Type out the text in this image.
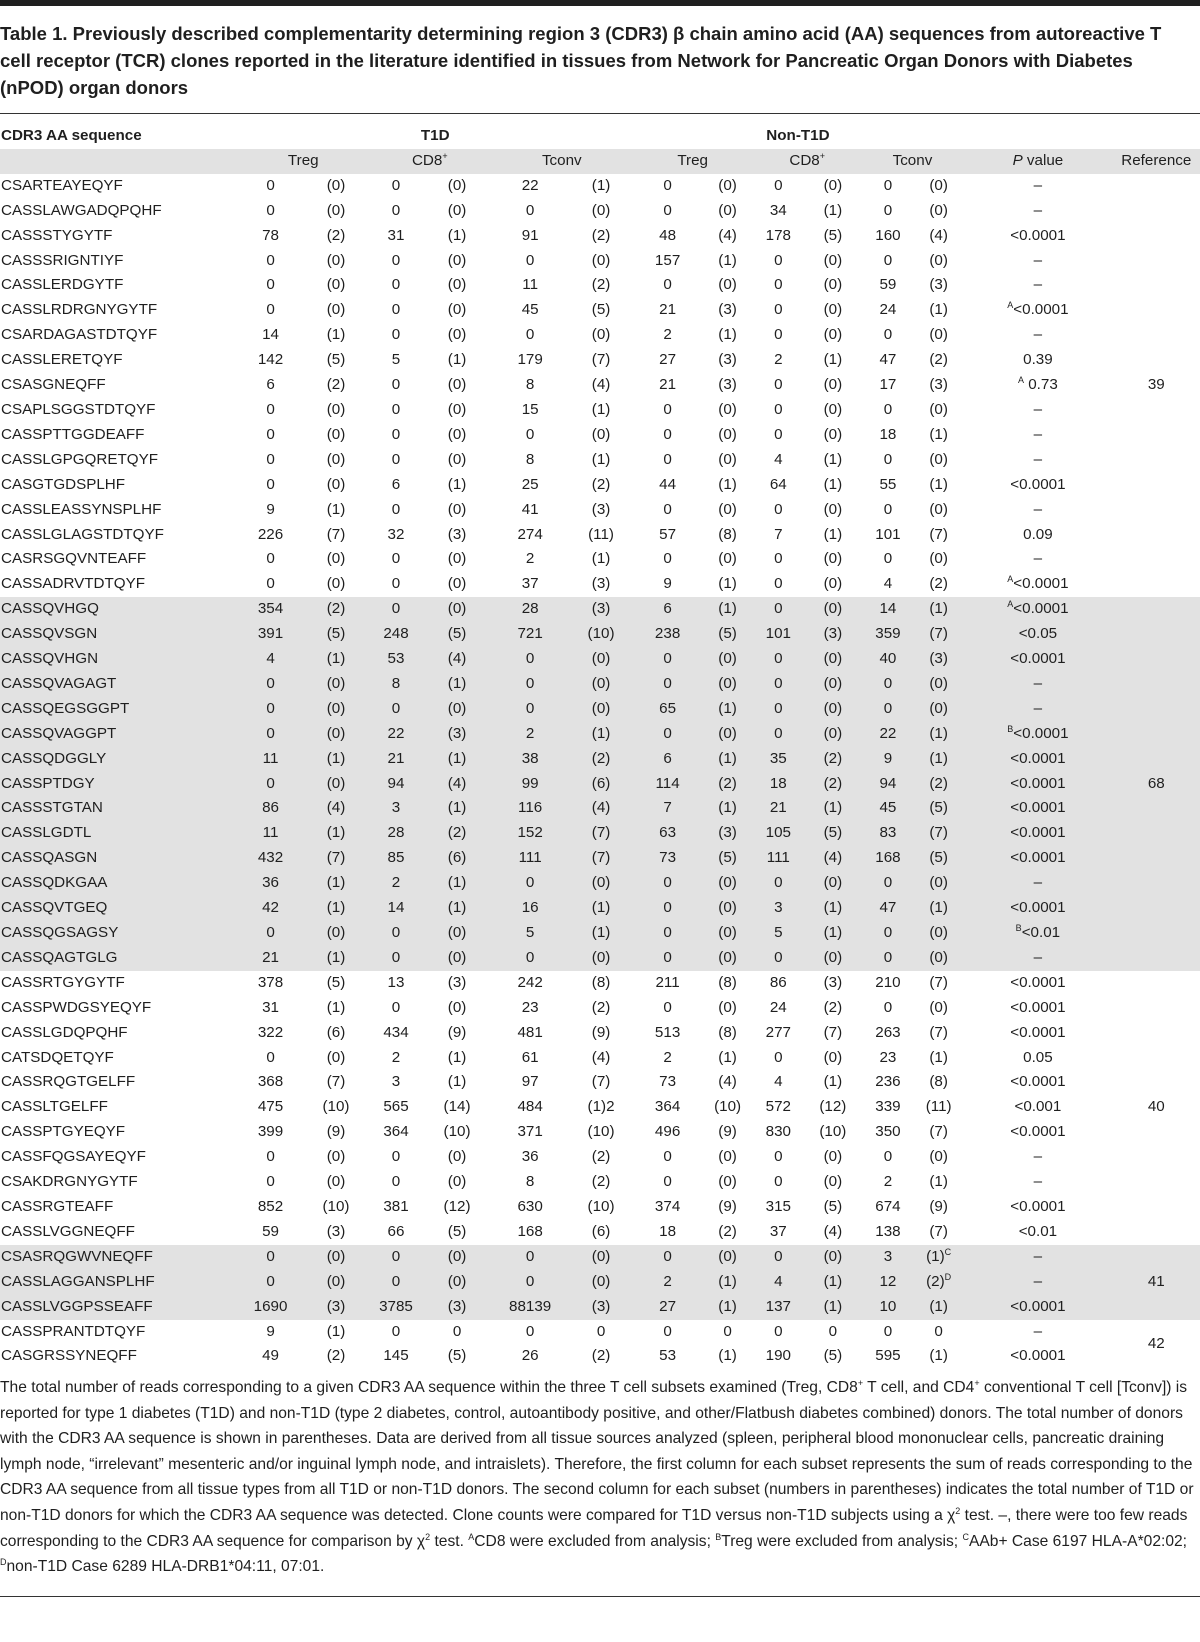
Table 1. Previously described complementarity determining region 3 (CDR3) β chain amino acid (AA) sequences from autoreactive T cell receptor (TCR) clones reported in the literature identified in tissues from Network for Pancreatic Organ Donors with Diabetes (nPOD) organ donors
CDR3 AA sequence	T1D						Non-T1D							
	Treg		CD8+		Tconv		Treg		CD8+		Tconv		P value	Reference
CSARTEAYEQYF	0	(0)	0	(0)	22	(1)	0	(0)	0	(0)	0	(0)	–	39
CASSLAWGADQPQHF	0	(0)	0	(0)	0	(0)	0	(0)	34	(1)	0	(0)	–	
CASSSTYGYTF	78	(2)	31	(1)	91	(2)	48	(4)	178	(5)	160	(4)	<0.0001	
CASSSRIGNTIYF	0	(0)	0	(0)	0	(0)	157	(1)	0	(0)	0	(0)	–	
CASSLERDGYTF	0	(0)	0	(0)	11	(2)	0	(0)	0	(0)	59	(3)	–	
CASSLRDRGNYGYTF	0	(0)	0	(0)	45	(5)	21	(3)	0	(0)	24	(1)	$^A$<0.0001	
CSARDAGASTDTQYF	14	(1)	0	(0)	0	(0)	2	(1)	0	(0)	0	(0)	–	
CASSLERETQYF	142	(5)	5	(1)	179	(7)	27	(3)	2	(1)	47	(2)	0.39	
CSASGNEQFF	6	(2)	0	(0)	8	(4)	21	(3)	0	(0)	17	(3)	$^A$ 0.73	
CSAPLSGGSTDTQYF	0	(0)	0	(0)	15	(1)	0	(0)	0	(0)	0	(0)	–	
CASSPTTGGDEAFF	0	(0)	0	(0)	0	(0)	0	(0)	0	(0)	18	(1)	–	
CASSLGPGQRETQYF	0	(0)	0	(0)	8	(1)	0	(0)	4	(1)	0	(0)	–	
CASGTGDSPLHF	0	(0)	6	(1)	25	(2)	44	(1)	64	(1)	55	(1)	<0.0001	
CASSLEASSYNSPLHF	9	(1)	0	(0)	41	(3)	0	(0)	0	(0)	0	(0)	–	
CASSLGLAGSTDTQYF	226	(7)	32	(3)	274	(11)	57	(8)	7	(1)	101	(7)	0.09	
CASRSGQVNTEAFF	0	(0)	0	(0)	2	(1)	0	(0)	0	(0)	0	(0)	–	
CASSADRVTDTQYF	0	(0)	0	(0)	37	(3)	9	(1)	0	(0)	4	(2)	$^A$<0.0001	
CASSQVHGQ	354	(2)	0	(0)	28	(3)	6	(1)	0	(0)	14	(1)	$^A$<0.0001	68
CASSQVSGN	391	(5)	248	(5)	721	(10)	238	(5)	101	(3)	359	(7)	<0.05	
CASSQVHGN	4	(1)	53	(4)	0	(0)	0	(0)	0	(0)	40	(3)	<0.0001	
CASSQVAGAGT	0	(0)	8	(1)	0	(0)	0	(0)	0	(0)	0	(0)	–	
CASSQEGSGGPT	0	(0)	0	(0)	0	(0)	65	(1)	0	(0)	0	(0)	–	
CASSQVAGGPT	0	(0)	22	(3)	2	(1)	0	(0)	0	(0)	22	(1)	$^B$<0.0001	
CASSQDGGLY	11	(1)	21	(1)	38	(2)	6	(1)	35	(2)	9	(1)	<0.0001	
CASSPTDGY	0	(0)	94	(4)	99	(6)	114	(2)	18	(2)	94	(2)	<0.0001	
CASSSTGTAN	86	(4)	3	(1)	116	(4)	7	(1)	21	(1)	45	(5)	<0.0001	
CASSLGDTL	11	(1)	28	(2)	152	(7)	63	(3)	105	(5)	83	(7)	<0.0001	
CASSQASGN	432	(7)	85	(6)	111	(7)	73	(5)	111	(4)	168	(5)	<0.0001	
CASSQDKGAA	36	(1)	2	(1)	0	(0)	0	(0)	0	(0)	0	(0)	–	
CASSQVTGEQ	42	(1)	14	(1)	16	(1)	0	(0)	3	(1)	47	(1)	<0.0001	
CASSQGSAGSY	0	(0)	0	(0)	5	(1)	0	(0)	5	(1)	0	(0)	$^B$<0.01	
CASSQAGTGLG	21	(1)	0	(0)	0	(0)	0	(0)	0	(0)	0	(0)	–	
CASSRTGYGYTF	378	(5)	13	(3)	242	(8)	211	(8)	86	(3)	210	(7)	<0.0001	40
CASSPWDGSYEQYF	31	(1)	0	(0)	23	(2)	0	(0)	24	(2)	0	(0)	<0.0001	
CASSLGDQPQHF	322	(6)	434	(9)	481	(9)	513	(8)	277	(7)	263	(7)	<0.0001	
CATSDQETQYF	0	(0)	2	(1)	61	(4)	2	(1)	0	(0)	23	(1)	0.05	
CASSRQGTGELFF	368	(7)	3	(1)	97	(7)	73	(4)	4	(1)	236	(8)	<0.0001	
CASSLTGELFF	475	(10)	565	(14)	484	(1)2	364	(10)	572	(12)	339	(11)	<0.001	
CASSPTGYEQYF	399	(9)	364	(10)	371	(10)	496	(9)	830	(10)	350	(7)	<0.0001	
CASSFQGSAYEQYF	0	(0)	0	(0)	36	(2)	0	(0)	0	(0)	0	(0)	–	
CSAKDRGNYGYTF	0	(0)	0	(0)	8	(2)	0	(0)	0	(0)	2	(1)	–	
CASSRGTEAFF	852	(10)	381	(12)	630	(10)	374	(9)	315	(5)	674	(9)	<0.0001	
CASSLVGGNEQFF	59	(3)	66	(5)	168	(6)	18	(2)	37	(4)	138	(7)	<0.01	
CSASRQGWVNEQFF	0	(0)	0	(0)	0	(0)	0	(0)	0	(0)	3	$(1)^C$	–	41
CASSLAGGANSPLHF	0	(0)	0	(0)	0	(0)	2	(1)	4	(1)	12	$(2)^D$	–	
CASSLVGGPSSEAFF	1690	(3)	3785	(3)	88139	(3)	27	(1)	137	(1)	10	(1)	<0.0001	
CASSPRANTDTQYF	9	(1)	0	0	0	0	0	0	0	0	0	0	–	42
CASGRSSYNEQFF	49	(2)	145	(5)	26	(2)	53	(1)	190	(5)	595	(1)	<0.0001	
The total number of reads corresponding to a given CDR3 AA sequence within the three T cell subsets examined (Treg, CD8+ T cell, and CD4+ conventional T cell [Tconv]) is reported for type 1 diabetes (T1D) and non-T1D (type 2 diabetes, control, autoantibody positive, and other/Flatbush diabetes combined) donors. The total number of donors with the CDR3 AA sequence is shown in parentheses. Data are derived from all tissue sources analyzed (spleen, peripheral blood mononuclear cells, pancreatic draining lymph node, “irrelevant” mesenteric and/or inguinal lymph node, and intraislets). Therefore, the first column for each subset represents the sum of reads corresponding to the CDR3 AA sequence from all tissue types from all T1D or non-T1D donors. The second column for each subset (numbers in parentheses) indicates the total number of T1D or non-T1D donors for which the CDR3 AA sequence was detected. Clone counts were compared for T1D versus non-T1D subjects using a $\chi^2$ test. –, there were too few reads corresponding to the CDR3 AA sequence for comparison by $\chi^2$ test. $^A$CD8 were excluded from analysis; $^B$Treg were excluded from analysis; $^C$AAb+ Case 6197 HLA-A*02:02; $^D$non-T1D Case 6289 HLA-DRB1*04:11, 07:01.
